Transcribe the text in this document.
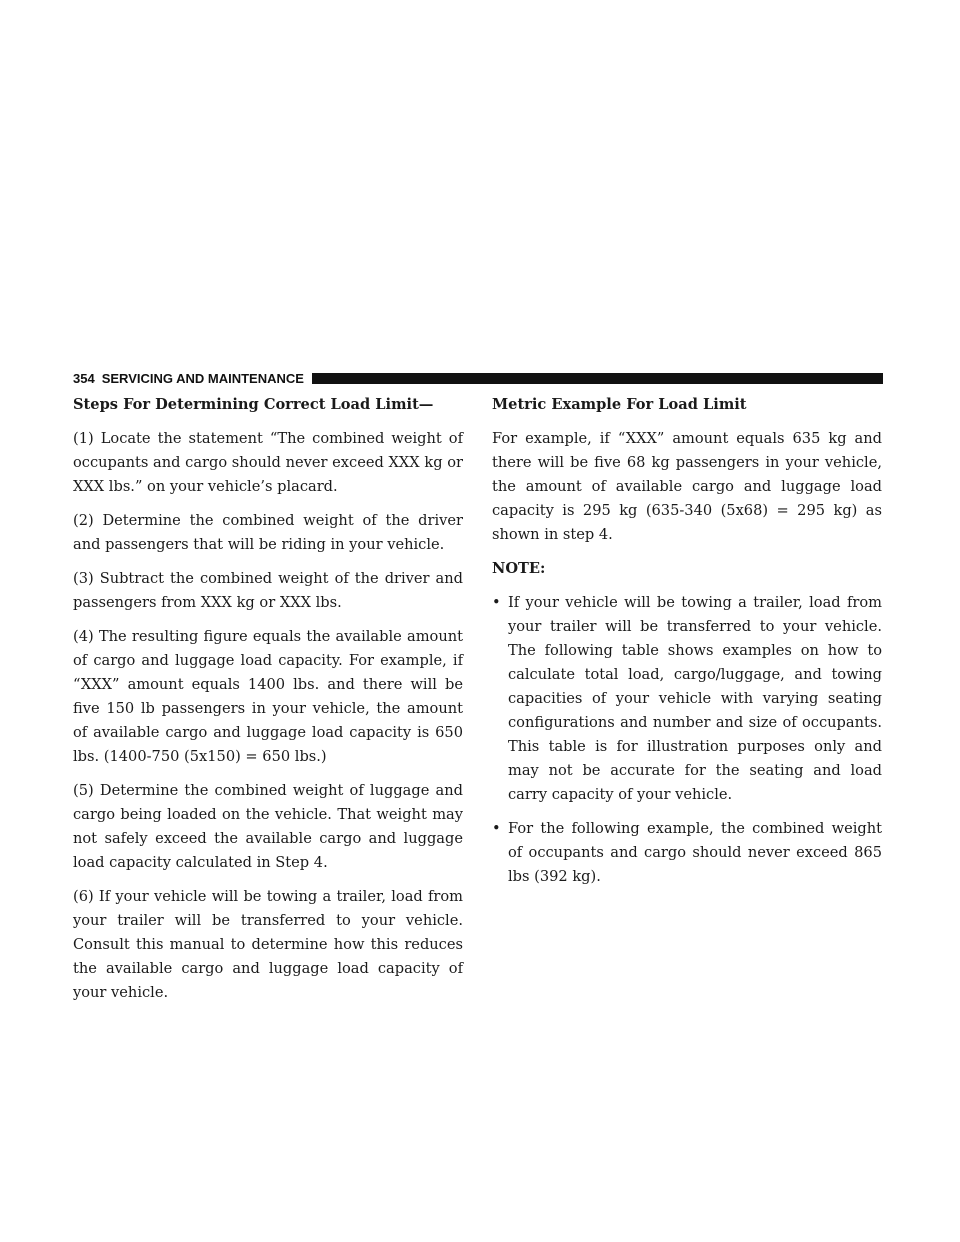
354 SERVICING AND MAINTENANCE
Steps For Determining Correct Load Limit—

(1) Locate the statement “The combined weight of occupants and cargo should never exceed XXX kg or XXX lbs.” on your vehicle’s placard.

(2) Determine the combined weight of the driver and passengers that will be riding in your vehicle.

(3) Subtract the combined weight of the driver and passengers from XXX kg or XXX lbs.

(4) The resulting figure equals the available amount of cargo and luggage load capacity. For example, if “XXX” amount equals 1400 lbs. and there will be five 150 lb passengers in your vehicle, the amount of available cargo and luggage load capacity is 650 lbs. (1400-750 (5x150) = 650 lbs.)

(5) Determine the combined weight of luggage and cargo being loaded on the vehicle. That weight may not safely exceed the available cargo and luggage load capacity calculated in Step 4.

(6) If your vehicle will be towing a trailer, load from your trailer will be transferred to your vehicle. Consult this manual to determine how this reduces the available cargo and luggage load capacity of your vehicle.

Metric Example For Load Limit

For example, if “XXX” amount equals 635 kg and there will be five 68 kg passengers in your vehicle, the amount of available cargo and luggage load capacity is 295 kg (635-340 (5x68) = 295 kg) as shown in step 4.

NOTE:
• If your vehicle will be towing a trailer, load from your trailer will be transferred to your vehicle. The following table shows examples on how to calculate total load, cargo/luggage, and towing capacities of your vehicle with varying seating configurations and number and size of occupants. This table is for illustration purposes only and may not be accurate for the seating and load carry capacity of your vehicle.
• For the following example, the combined weight of occupants and cargo should never exceed 865 lbs (392 kg).
